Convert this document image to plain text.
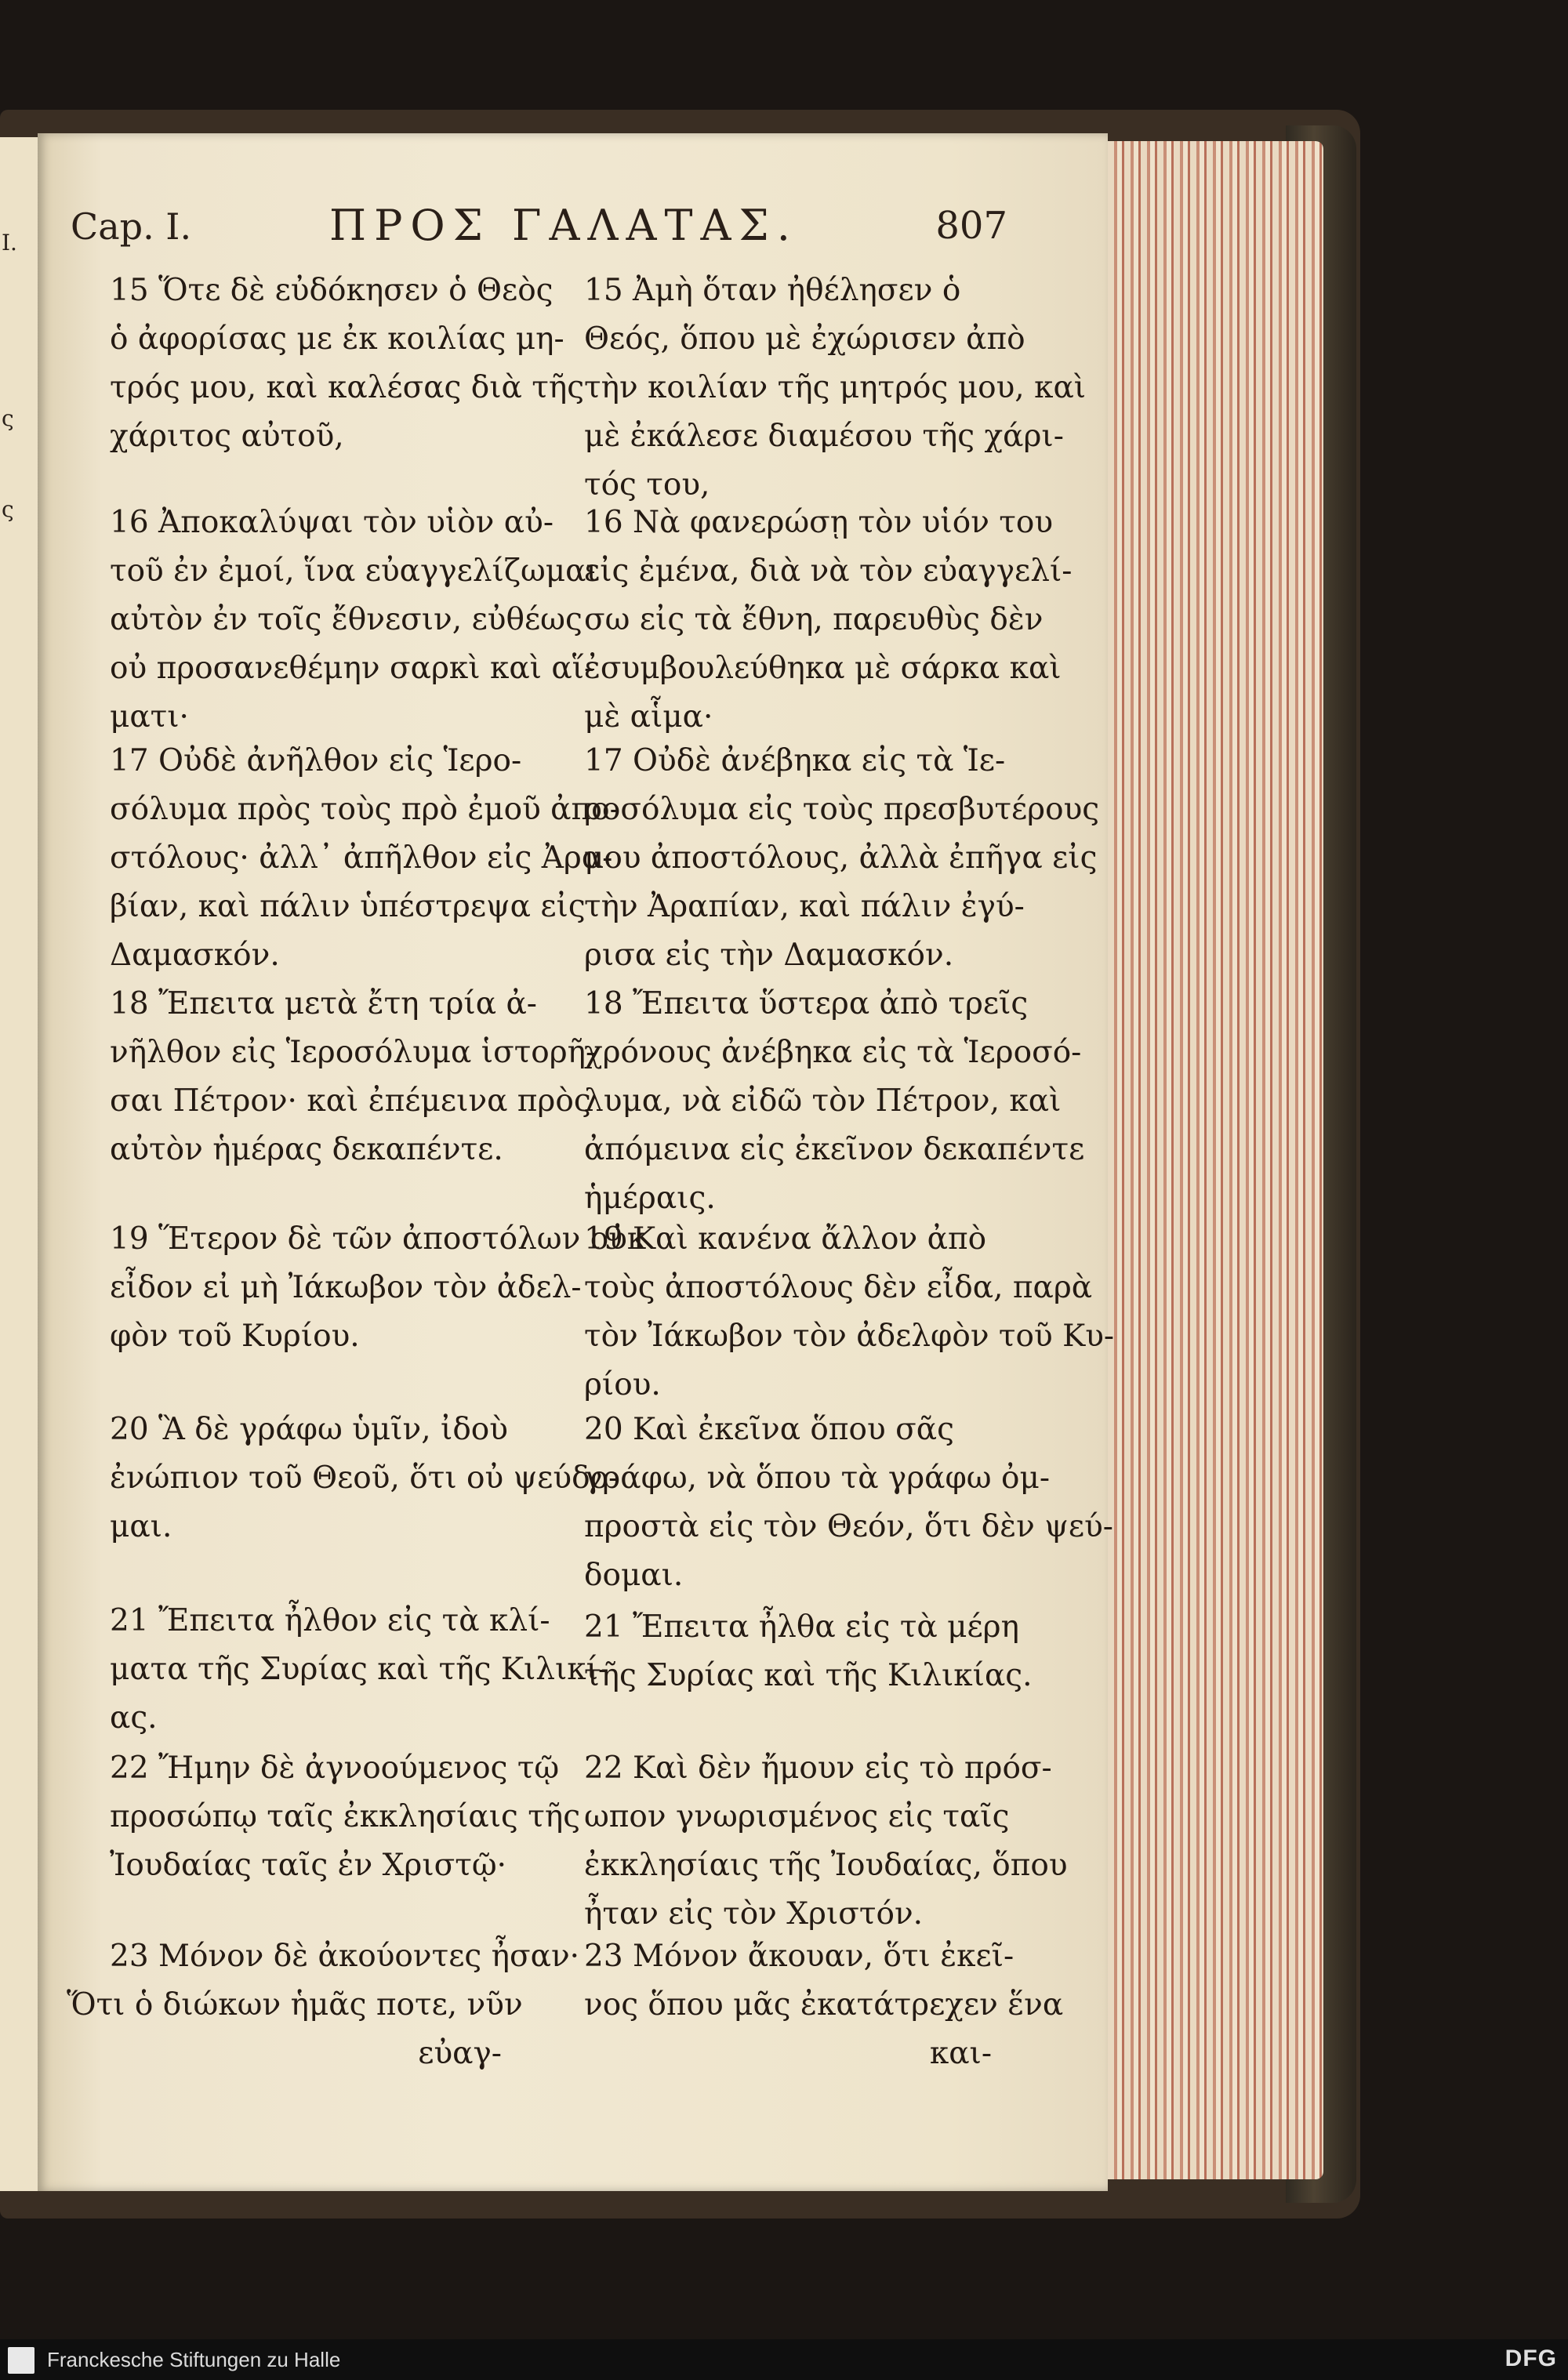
I.
ς
ς
Cap. I.	ΠΡΟΣ ΓΑΛΑΤΑΣ.	807
15 Ὅτε δὲ εὐδόκησεν ὁ Θεὸς
ὁ ἀφορίσας με ἐκ κοιλίας μη-
τρός μου, καὶ καλέσας διὰ τῆς
χάριτος αὐτοῦ,
16 Ἀποκαλύψαι τὸν υἱὸν αὐ-
τοῦ ἐν ἐμοί, ἵνα εὐαγγελίζωμαι
αὐτὸν ἐν τοῖς ἔθνεσιν, εὐθέως
οὐ προσανεθέμην σαρκὶ καὶ αἵ-
ματι·
17 Οὐδὲ ἀνῆλθον εἰς Ἱερο-
σόλυμα πρὸς τοὺς πρὸ ἐμοῦ ἀπο-
στόλους· ἀλλ᾽ ἀπῆλθον εἰς Ἀρα-
βίαν, καὶ πάλιν ὑπέστρεψα εἰς
Δαμασκόν.
18 Ἔπειτα μετὰ ἔτη τρία ἀ-
νῆλθον εἰς Ἱεροσόλυμα ἱστορῆ-
σαι Πέτρον· καὶ ἐπέμεινα πρὸς
αὐτὸν ἡμέρας δεκαπέντε.
19 Ἕτερον δὲ τῶν ἀποστόλων οὐκ
εἶδον εἰ μὴ Ἰάκωβον τὸν ἀδελ-
φὸν τοῦ Κυρίου.
20 Ἃ δὲ γράφω ὑμῖν, ἰδοὺ
ἐνώπιον τοῦ Θεοῦ, ὅτι οὐ ψεύδο-
μαι.
21 Ἔπειτα ἦλθον εἰς τὰ κλί-
ματα τῆς Συρίας καὶ τῆς Κιλικί-
ας.
22 Ἤμην δὲ ἀγνοούμενος τῷ
προσώπῳ ταῖς ἐκκλησίαις τῆς
Ἰουδαίας ταῖς ἐν Χριστῷ·
23 Μόνον δὲ ἀκούοντες ἦσαν·
Ὅτι ὁ διώκων ἡμᾶς ποτε, νῦν
εὐαγ-
15 Ἀμὴ ὅταν ἠθέλησεν ὁ
Θεός, ὅπου μὲ ἐχώρισεν ἀπὸ
τὴν κοιλίαν τῆς μητρός μου, καὶ
μὲ ἐκάλεσε διαμέσου τῆς χάρι-
τός του,
16 Νὰ φανερώσῃ τὸν υἱόν του
εἰς ἐμένα, διὰ νὰ τὸν εὐαγγελί-
σω εἰς τὰ ἔθνη, παρευθὺς δὲν
ἐσυμβουλεύθηκα μὲ σάρκα καὶ
μὲ αἷμα·
17 Οὐδὲ ἀνέβηκα εἰς τὰ Ἱε-
ροσόλυμα εἰς τοὺς πρεσβυτέρους
μου ἀποστόλους, ἀλλὰ ἐπῆγα εἰς
τὴν Ἀραπίαν, καὶ πάλιν ἐγύ-
ρισα εἰς τὴν Δαμασκόν.
18 Ἔπειτα ὕστερα ἀπὸ τρεῖς
χρόνους ἀνέβηκα εἰς τὰ Ἱεροσό-
λυμα, νὰ εἰδῶ τὸν Πέτρον, καὶ
ἀπόμεινα εἰς ἐκεῖνον δεκαπέντε
ἡμέραις.
19 Καὶ κανένα ἄλλον ἀπὸ
τοὺς ἀποστόλους δὲν εἶδα, παρὰ
τὸν Ἰάκωβον τὸν ἀδελφὸν τοῦ Κυ-
ρίου.
20 Καὶ ἐκεῖνα ὅπου σᾶς
γράφω, νὰ ὅπου τὰ γράφω ὀμ-
προστὰ εἰς τὸν Θεόν, ὅτι δὲν ψεύ-
δομαι.
21 Ἔπειτα ἦλθα εἰς τὰ μέρη
τῆς Συρίας καὶ τῆς Κιλικίας.
22 Καὶ δὲν ἤμουν εἰς τὸ πρόσ-
ωπον γνωρισμένος εἰς ταῖς
ἐκκλησίαις τῆς Ἰουδαίας, ὅπου
ἦταν εἰς τὸν Χριστόν.
23 Μόνον ἄκουαν, ὅτι ἐκεῖ-
νος ὅπου μᾶς ἐκατάτρεχεν ἕνα
και-
Franckesche Stiftungen zu Halle	DFG
